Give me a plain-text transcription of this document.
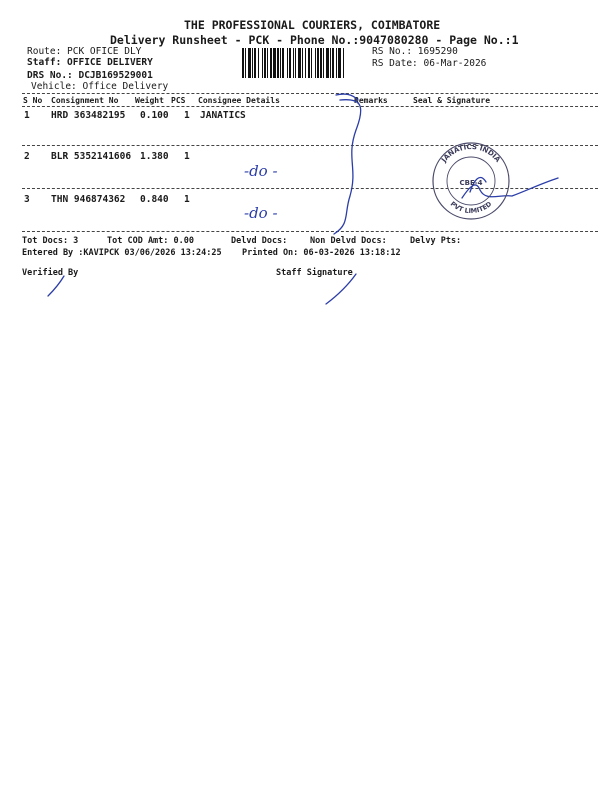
THE PROFESSIONAL COURIERS, COIMBATORE
Delivery Runsheet - PCK - Phone No.:9047080280 - Page No.:1
Route: PCK OFICE DLY
Staff: OFFICE DELIVERY
DRS No.: DCJB169529001
Vehicle: Office Delivery
RS No.: 1695290
RS Date: 06-Mar-2026
S No Consignment No Weight PCS Consignee Details	Remarks	Seal & Signature
1 HRD 363482195 0.100 1 JANATICS
2 BLR 5352141606 1.380 1
3 THN 946874362 0.840 1
Tot Docs: 3	Tot COD Amt: 0.00	Delvd Docs:	Non Delvd Docs:	Delvy Pts:
Entered By :KAVIPCK 03/06/2026 13:24:25 Printed On: 06-03-2026 13:18:12
Verified By	Staff Signature
-do -
-do -
JANATICS INDIA
PVT LIMITED
CBE-4
